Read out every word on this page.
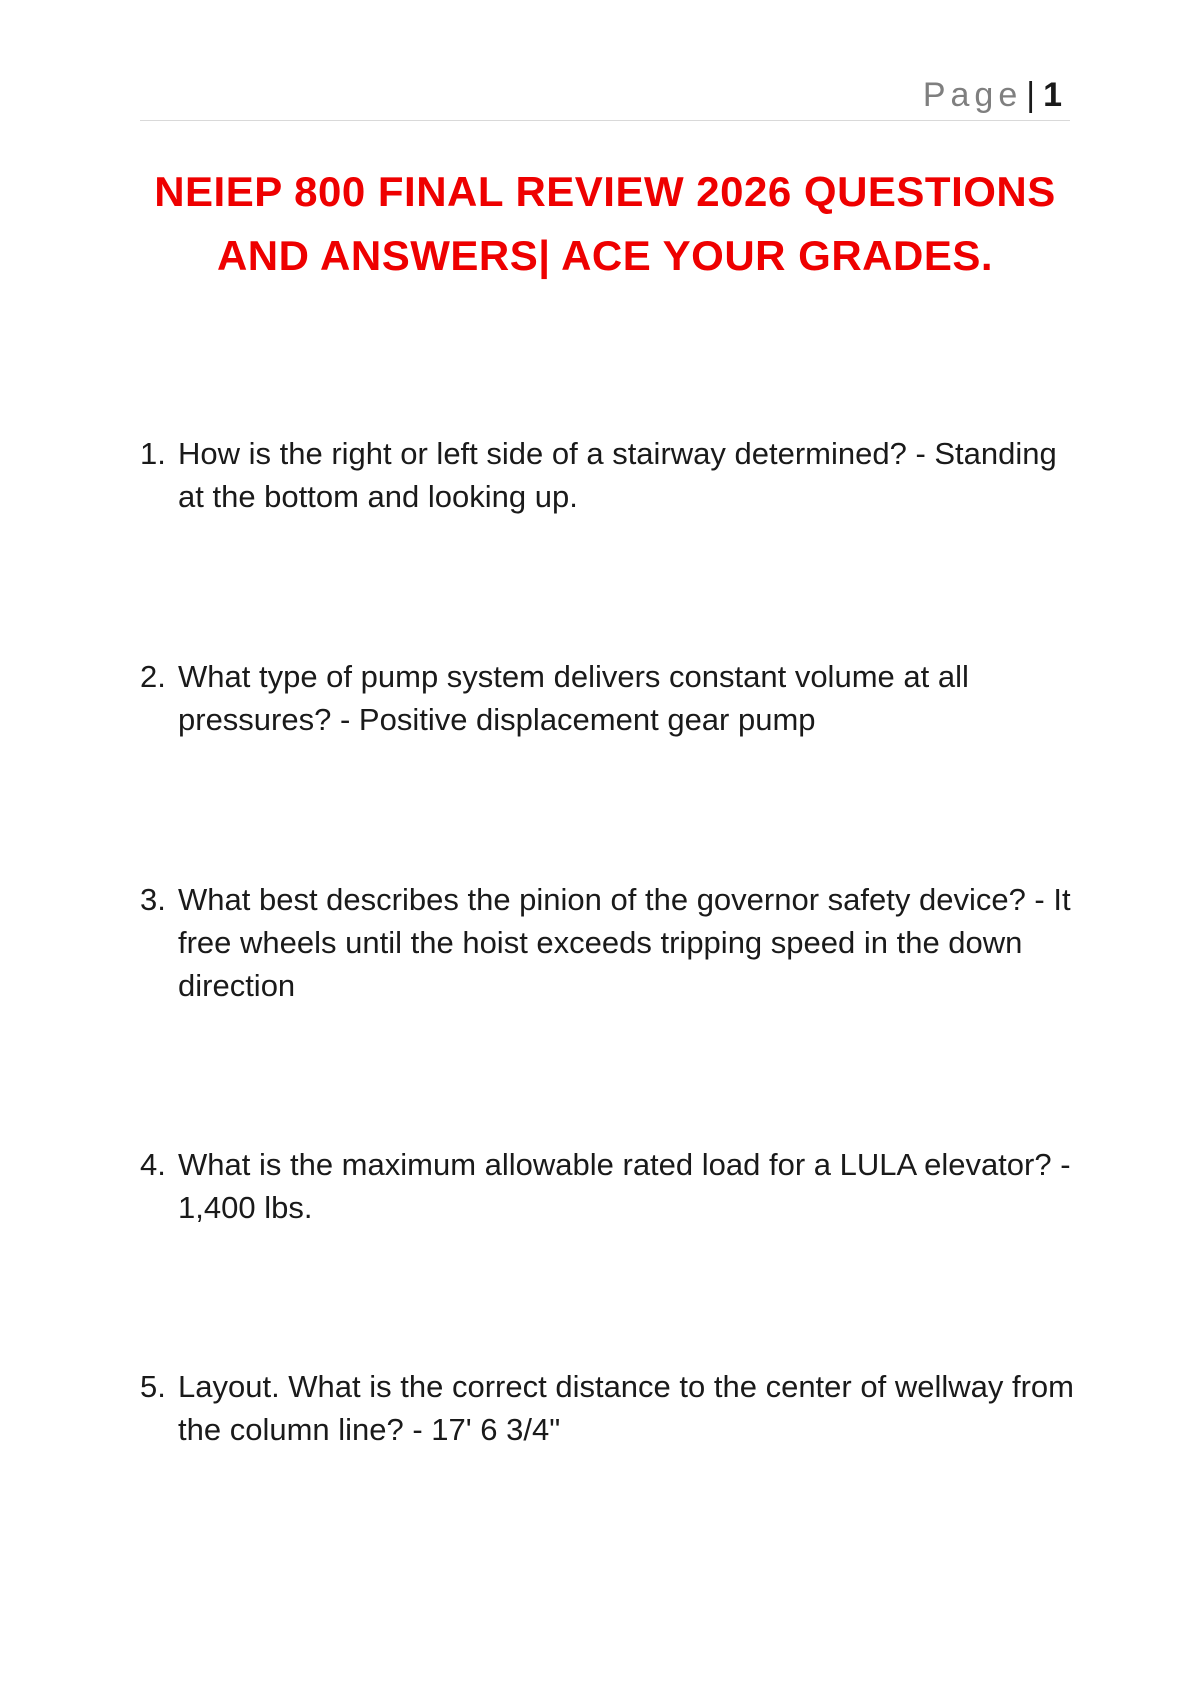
Page | 1
NEIEP 800 FINAL REVIEW 2026 QUESTIONS AND ANSWERS| ACE YOUR GRADES.
1. How is the right or left side of a stairway determined? - Standing at the bottom and looking up.
2. What type of pump system delivers constant volume at all pressures? - Positive displacement gear pump
3. What best describes the pinion of the governor safety device? - It free wheels until the hoist exceeds tripping speed in the down direction
4. What is the maximum allowable rated load for a LULA elevator? - 1,400 lbs.
5. Layout. What is the correct distance to the center of wellway from the column line? - 17' 6 3/4"
